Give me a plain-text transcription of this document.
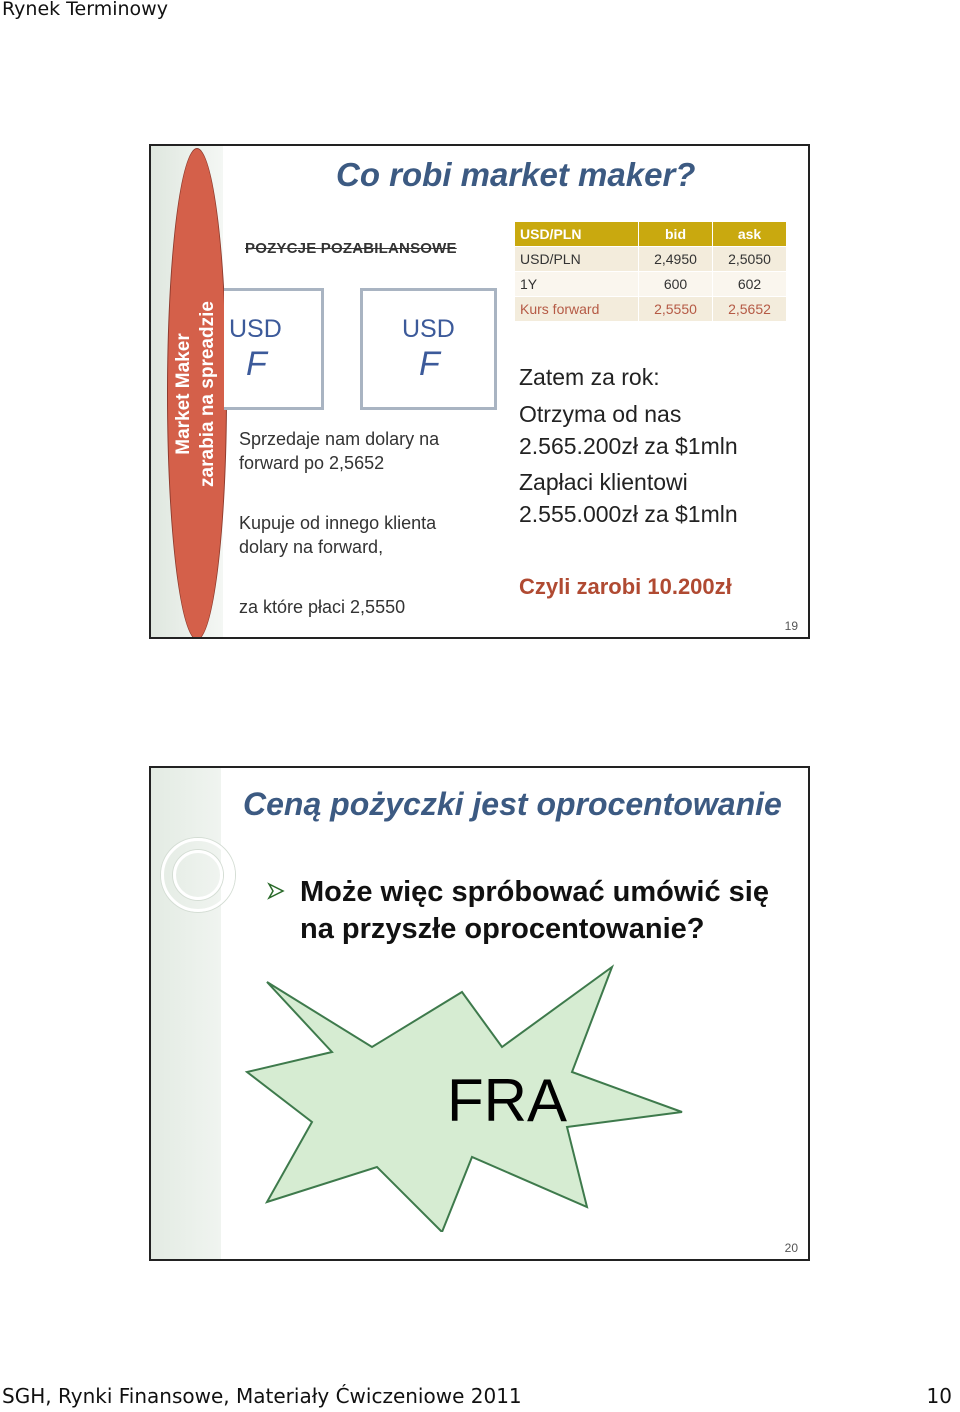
Rynek Terminowy
Market Maker zarabia na spreadzie
Co robi market maker?
POZYCJE POZABILANSOWE
USD
F
USD
F
Sprzedaje nam dolary na forward po 2,5652
Kupuje od innego klienta dolary na forward,
za które płaci 2,5550
USD/PLN	bid	ask
USD/PLN	2,4950	2,5050
1Y	600	602
Kurs forward	2,5550	2,5652
Zatem za rok:
Otrzyma od nas 2.565.200zł za $1mln
Zapłaci klientowi 2.555.000zł za $1mln
Czyli zarobi 10.200zł
19
Ceną pożyczki jest oprocentowanie
Może więc spróbować umówić się na przyszłe oprocentowanie?
FRA
20
SGH, Rynki Finansowe, Materiały Ćwiczeniowe 2011	10
